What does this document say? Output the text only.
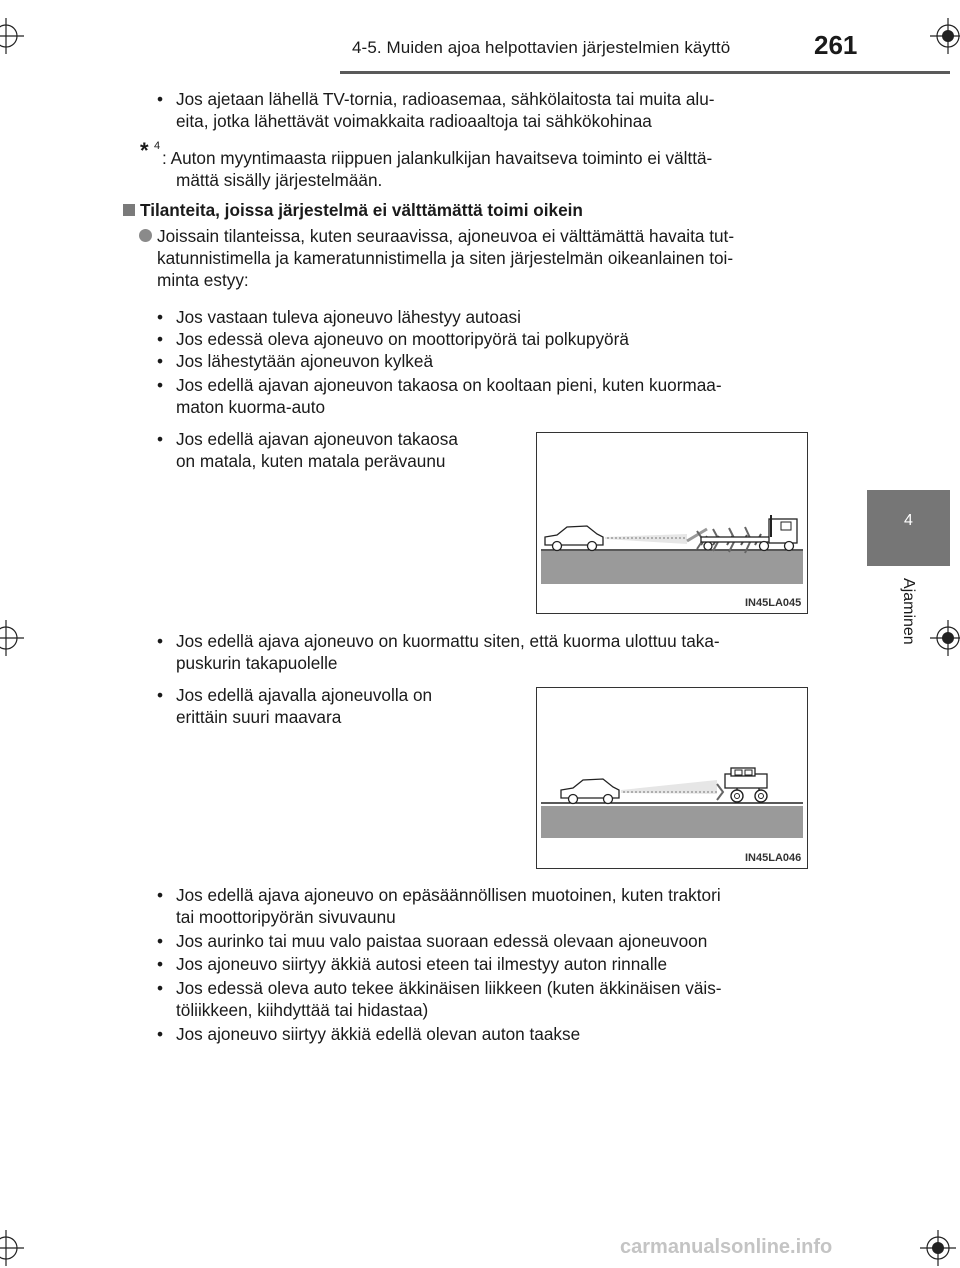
4-5. Muiden ajoa helpottavien järjestelmien käyttö	261
4
Ajaminen
• Jos ajetaan lähellä TV-tornia, radioasemaa, sähkölaitosta tai muita alu-
eita, jotka lähettävät voimakkaita radioaaltoja tai sähkökohinaa
* 4
: Auton myyntimaasta riippuen jalankulkijan havaitseva toiminto ei välttä-
mättä sisälly järjestelmään.
Tilanteita, joissa järjestelmä ei välttämättä toimi oikein
Joissain tilanteissa, kuten seuraavissa, ajoneuvoa ei välttämättä havaita tut-
katunnistimella ja kameratunnistimella ja siten järjestelmän oikeanlainen toi-
minta estyy:
• Jos vastaan tuleva ajoneuvo lähestyy autoasi
• Jos edessä oleva ajoneuvo on moottoripyörä tai polkupyörä
• Jos lähestytään ajoneuvon kylkeä
• Jos edellä ajavan ajoneuvon takaosa on kooltaan pieni, kuten kuormaa-
maton kuorma-auto
• Jos edellä ajavan ajoneuvon takaosa
on matala, kuten matala perävaunu
IN45LA045
• Jos edellä ajava ajoneuvo on kuormattu siten, että kuorma ulottuu taka-
puskurin takapuolelle
• Jos edellä ajavalla ajoneuvolla on
erittäin suuri maavara
IN45LA046
• Jos edellä ajava ajoneuvo on epäsäännöllisen muotoinen, kuten traktori
tai moottoripyörän sivuvaunu
• Jos aurinko tai muu valo paistaa suoraan edessä olevaan ajoneuvoon
• Jos ajoneuvo siirtyy äkkiä autosi eteen tai ilmestyy auton rinnalle
• Jos edessä oleva auto tekee äkkinäisen liikkeen (kuten äkkinäisen väis-
töliikkeen, kiihdyttää tai hidastaa)
• Jos ajoneuvo siirtyy äkkiä edellä olevan auton taakse
carmanualsonline.info
